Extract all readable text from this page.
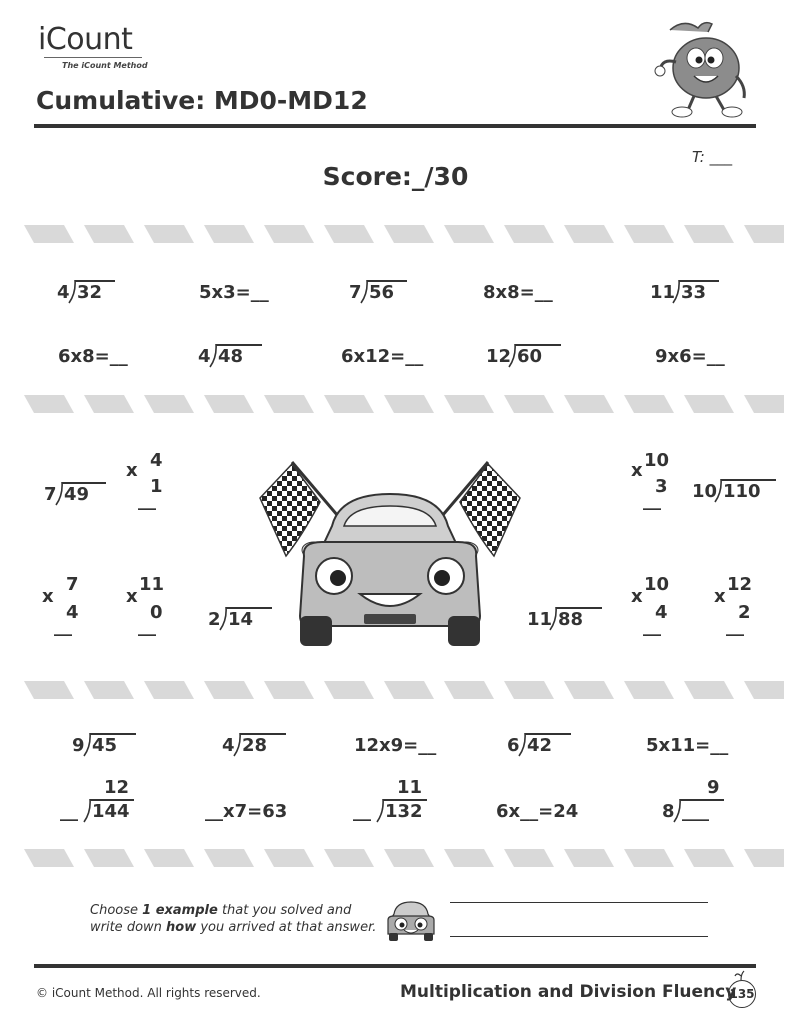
iCount
The iCount Method
Cumulative: MD0-MD12
T: ___
Score:_/30
4 32	5x3=__	7 56	8x8=__	11 33
6x8=__	4 48	6x12=__	12 60	9x6=__
7 49
x 4
1
__
x 10
3
__ 10 110
x
7
4
__
x
11
0
__	2 14	11 88
x
10
4
__
x
12
2
__
9 45	4 28	12x9=__	6 42	5x11=__
__
12
144	__x7=63	__
11
132	6x__=24	8
9
___
Choose 1 example that you solved and
write down how you arrived at that answer.
© iCount Method. All rights reserved.	Multiplication and Division Fluency
135
